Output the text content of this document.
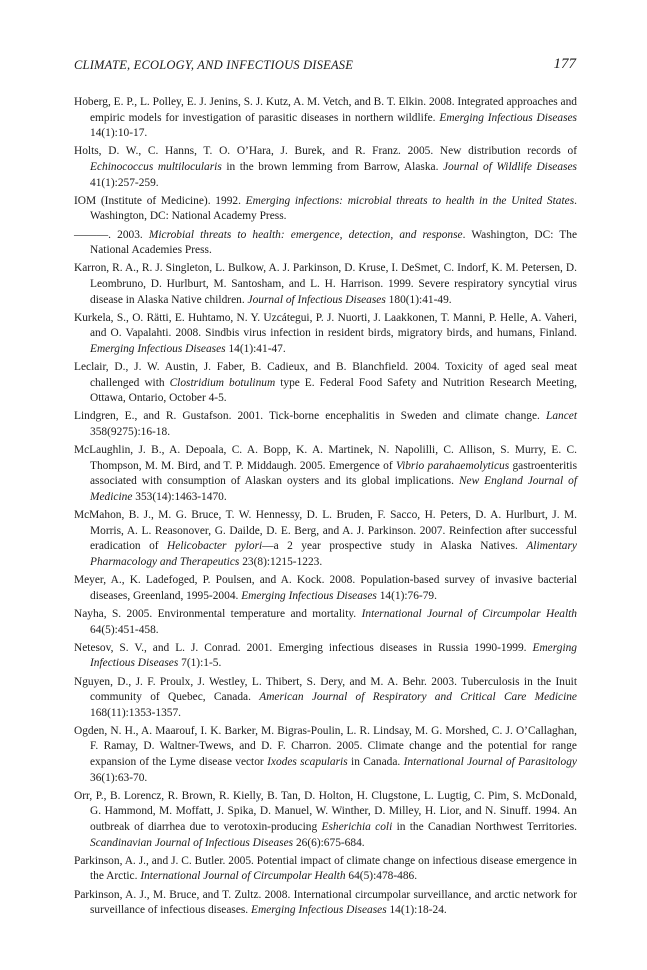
CLIMATE, ECOLOGY, AND INFECTIOUS DISEASE	177
Hoberg, E. P., L. Polley, E. J. Jenins, S. J. Kutz, A. M. Vetch, and B. T. Elkin. 2008. Integrated approaches and empiric models for investigation of parasitic diseases in northern wildlife. Emerging Infectious Diseases 14(1):10-17.
Holts, D. W., C. Hanns, T. O. O’Hara, J. Burek, and R. Franz. 2005. New distribution records of Echinococcus multilocularis in the brown lemming from Barrow, Alaska. Journal of Wildlife Diseases 41(1):257-259.
IOM (Institute of Medicine). 1992. Emerging infections: microbial threats to health in the United States. Washington, DC: National Academy Press.
———. 2003. Microbial threats to health: emergence, detection, and response. Washington, DC: The National Academies Press.
Karron, R. A., R. J. Singleton, L. Bulkow, A. J. Parkinson, D. Kruse, I. DeSmet, C. Indorf, K. M. Petersen, D. Leombruno, D. Hurlburt, M. Santosham, and L. H. Harrison. 1999. Severe respiratory syncytial virus disease in Alaska Native children. Journal of Infectious Diseases 180(1):41-49.
Kurkela, S., O. Rätti, E. Huhtamo, N. Y. Uzcátegui, P. J. Nuorti, J. Laakkonen, T. Manni, P. Helle, A. Vaheri, and O. Vapalahti. 2008. Sindbis virus infection in resident birds, migratory birds, and humans, Finland. Emerging Infectious Diseases 14(1):41-47.
Leclair, D., J. W. Austin, J. Faber, B. Cadieux, and B. Blanchfield. 2004. Toxicity of aged seal meat challenged with Clostridium botulinum type E. Federal Food Safety and Nutrition Research Meeting, Ottawa, Ontario, October 4-5.
Lindgren, E., and R. Gustafson. 2001. Tick-borne encephalitis in Sweden and climate change. Lancet 358(9275):16-18.
McLaughlin, J. B., A. Depoala, C. A. Bopp, K. A. Martinek, N. Napolilli, C. Allison, S. Murry, E. C. Thompson, M. M. Bird, and T. P. Middaugh. 2005. Emergence of Vibrio parahaemolyticus gastroenteritis associated with consumption of Alaskan oysters and its global implications. New England Journal of Medicine 353(14):1463-1470.
McMahon, B. J., M. G. Bruce, T. W. Hennessy, D. L. Bruden, F. Sacco, H. Peters, D. A. Hurlburt, J. M. Morris, A. L. Reasonover, G. Dailde, D. E. Berg, and A. J. Parkinson. 2007. Reinfection after successful eradication of Helicobacter pylori—a 2 year prospective study in Alaska Natives. Alimentary Pharmacology and Therapeutics 23(8):1215-1223.
Meyer, A., K. Ladefoged, P. Poulsen, and A. Kock. 2008. Population-based survey of invasive bacterial diseases, Greenland, 1995-2004. Emerging Infectious Diseases 14(1):76-79.
Nayha, S. 2005. Environmental temperature and mortality. International Journal of Circumpolar Health 64(5):451-458.
Netesov, S. V., and L. J. Conrad. 2001. Emerging infectious diseases in Russia 1990-1999. Emerging Infectious Diseases 7(1):1-5.
Nguyen, D., J. F. Proulx, J. Westley, L. Thibert, S. Dery, and M. A. Behr. 2003. Tuberculosis in the Inuit community of Quebec, Canada. American Journal of Respiratory and Critical Care Medicine 168(11):1353-1357.
Ogden, N. H., A. Maarouf, I. K. Barker, M. Bigras-Poulin, L. R. Lindsay, M. G. Morshed, C. J. O’Callaghan, F. Ramay, D. Waltner-Twews, and D. F. Charron. 2005. Climate change and the potential for range expansion of the Lyme disease vector Ixodes scapularis in Canada. International Journal of Parasitology 36(1):63-70.
Orr, P., B. Lorencz, R. Brown, R. Kielly, B. Tan, D. Holton, H. Clugstone, L. Lugtig, C. Pim, S. McDonald, G. Hammond, M. Moffatt, J. Spika, D. Manuel, W. Winther, D. Milley, H. Lior, and N. Sinuff. 1994. An outbreak of diarrhea due to verotoxin-producing Esherichia coli in the Canadian Northwest Territories. Scandinavian Journal of Infectious Diseases 26(6):675-684.
Parkinson, A. J., and J. C. Butler. 2005. Potential impact of climate change on infectious disease emergence in the Arctic. International Journal of Circumpolar Health 64(5):478-486.
Parkinson, A. J., M. Bruce, and T. Zultz. 2008. International circumpolar surveillance, and arctic network for surveillance of infectious diseases. Emerging Infectious Diseases 14(1):18-24.
